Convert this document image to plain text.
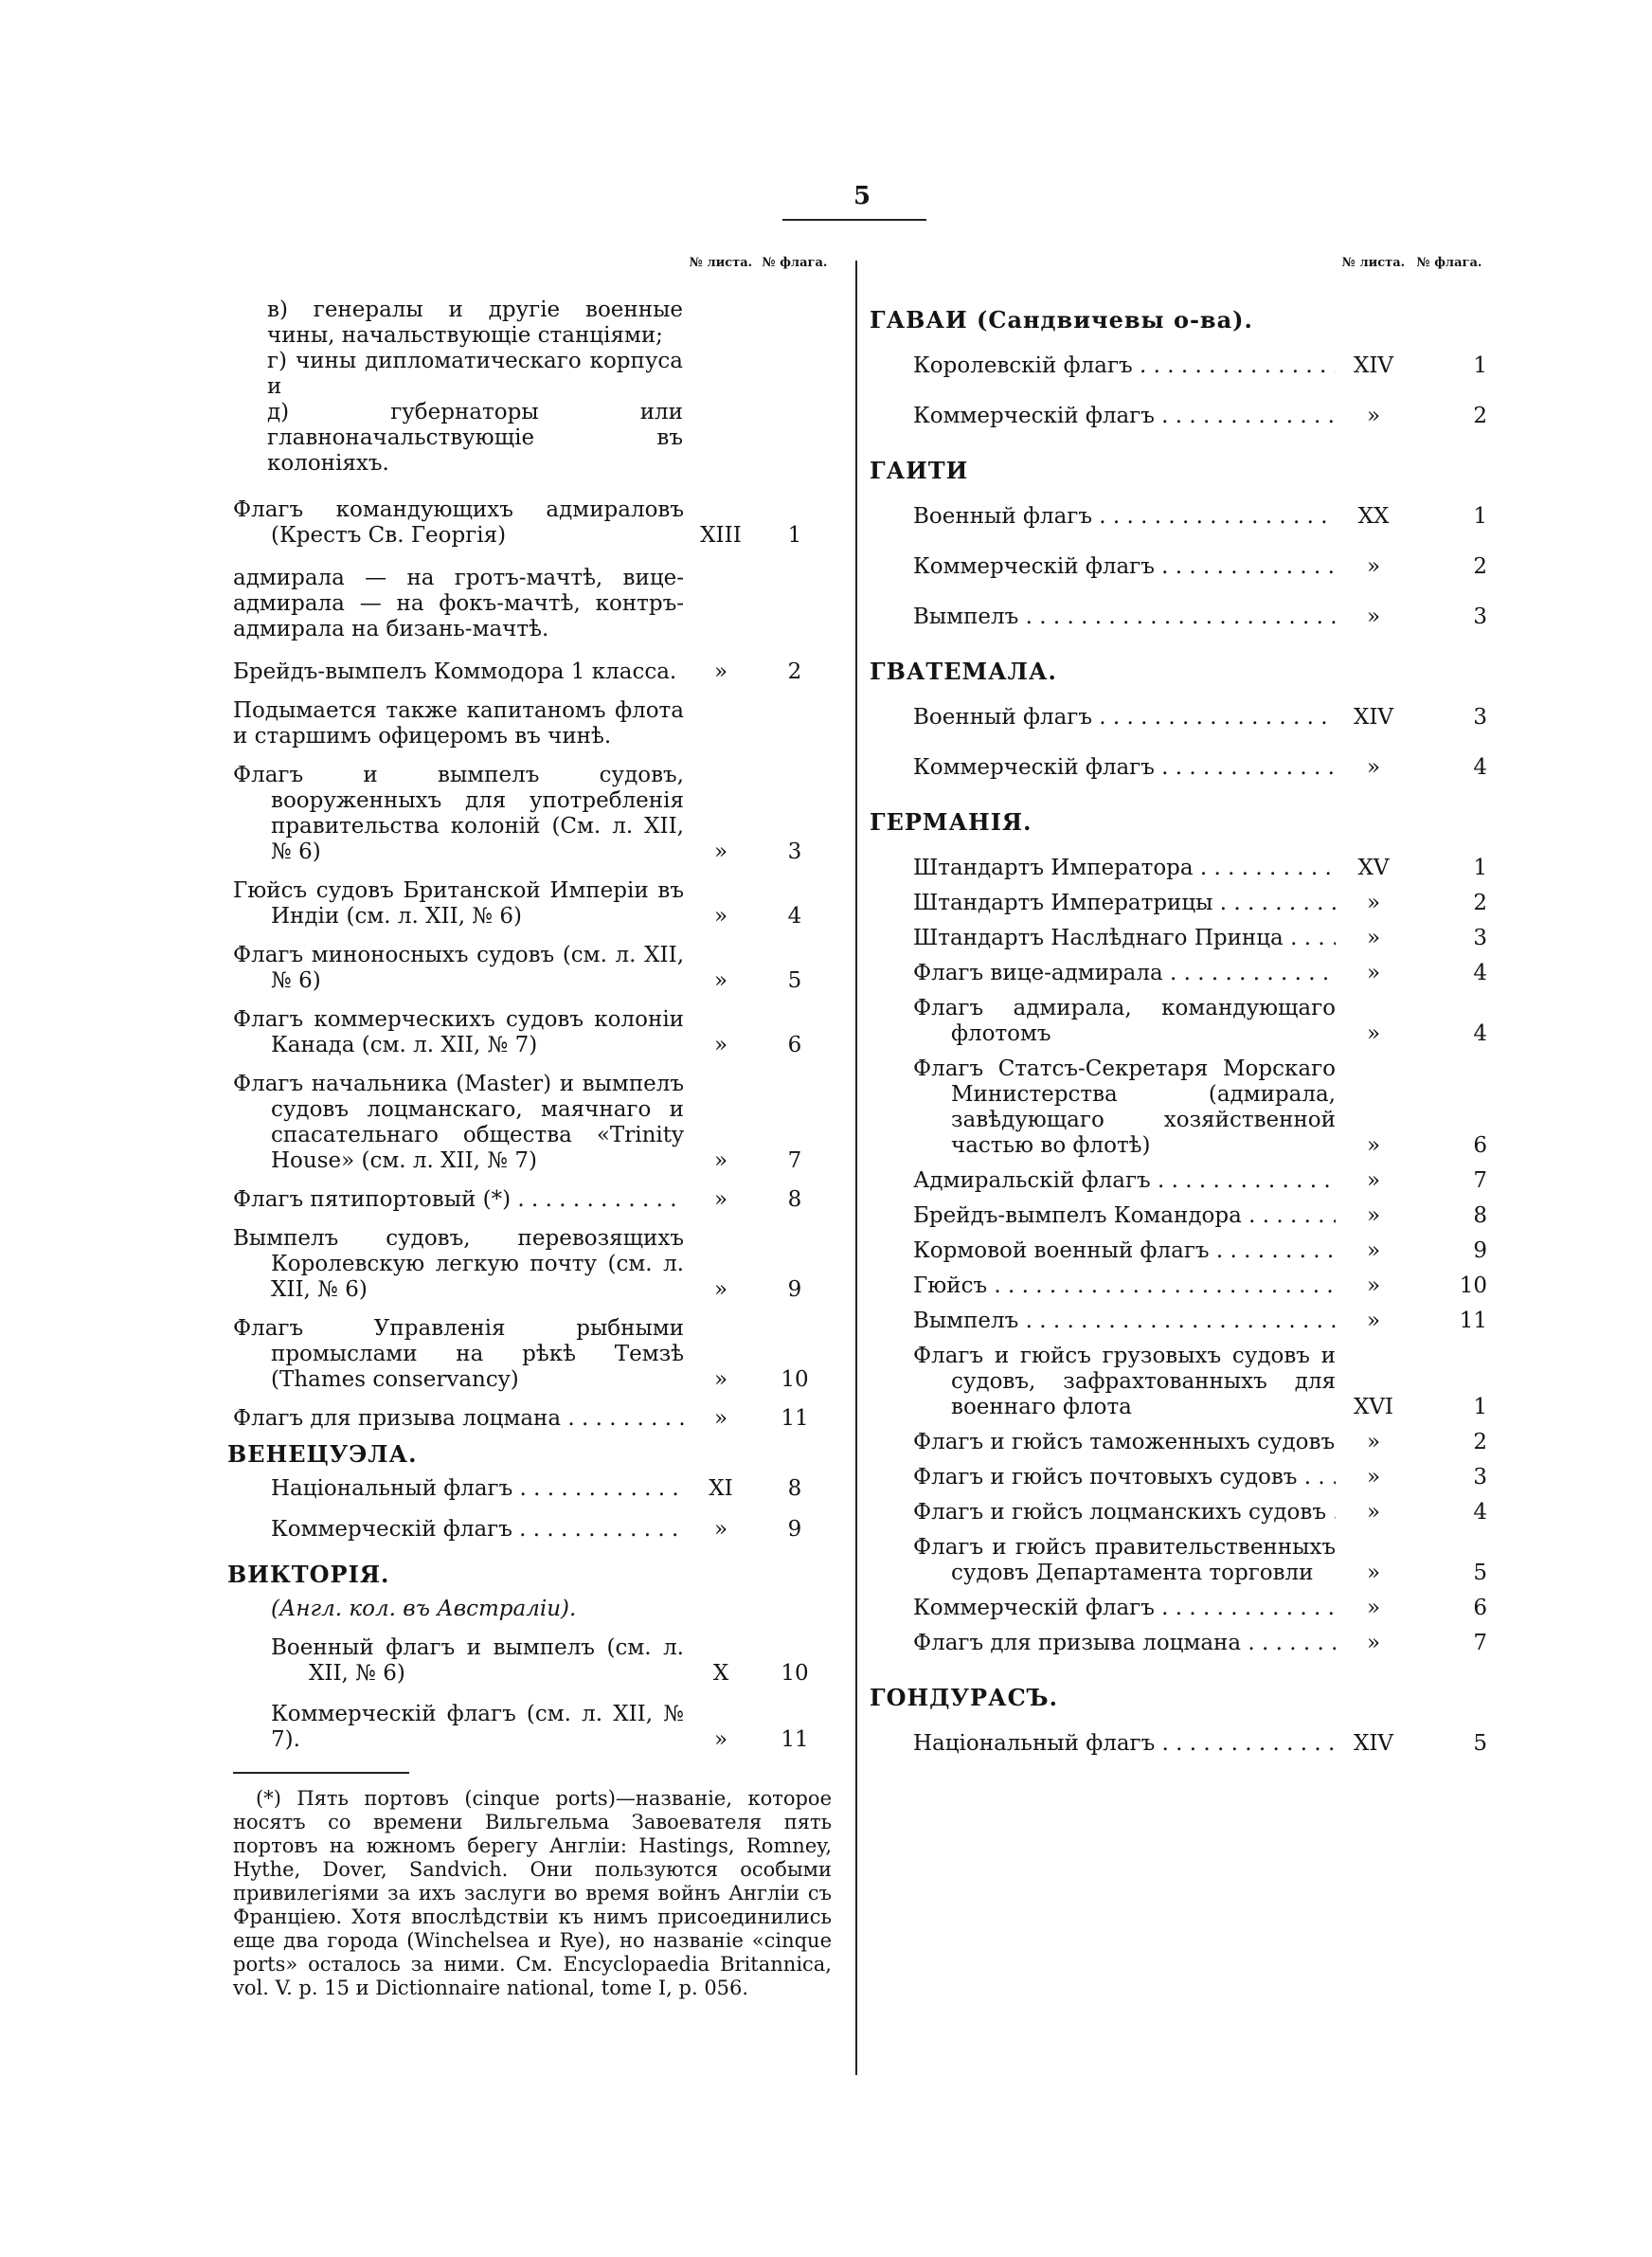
5
№ листа. № флага.
в) генералы и другіе военные чины, начальствующіе станціями;
г) чины дипломатическаго корпуса и
д) губернаторы или главноначальствующіе въ колоніяхъ.
Флагъ командующихъ адмираловъ (Крестъ Св. Георгія)	XIII	1
адмирала — на гротъ-мачтѣ, вице-адмирала — на фокъ-мачтѣ, контръ-адмирала на бизань-мачтѣ.
Брейдъ-вымпелъ Коммодора 1 класса.	»	2
Подымается также капитаномъ флота и старшимъ офицеромъ въ чинѣ.
Флагъ и вымпелъ судовъ, вооруженныхъ для употребленія правительства колоній (См. л. XII, № 6)	»	3
Гюйсъ судовъ Британской Имперіи въ Индіи (см. л. XII, № 6)	»	4
Флагъ миноносныхъ судовъ (см. л. XII, № 6)	»	5
Флагъ коммерческихъ судовъ колоніи Канада (см. л. XII, № 7)	»	6
Флагъ начальника (Master) и вымпелъ судовъ лоцманскаго, маячнаго и спасательнаго общества «Trinity House» (см. л. XII, № 7)	»	7
Флагъ пятипортовый (*) . . .	»	8
Вымпелъ судовъ, перевозящихъ Королевскую легкую почту (см. л. XII, № 6)	»	9
Флагъ Управленія рыбными промыслами на рѣкѣ Темзѣ (Thames conservancy)	»	10
Флагъ для призыва лоцмана . . .	»	11
ВЕНЕЦУЭЛА.
Національный флагъ . . .	XI	8
Коммерческій флагъ . . .	»	9
ВИКТОРІЯ.
(Англ. кол. въ Австраліи).
Военный флагъ и вымпелъ (см. л. XII, № 6)	X	10
Коммерческій флагъ (см. л. XII, № 7).	»	11
(*) Пять портовъ (cinque ports)—названіе, которое носятъ со времени Вильгельма Завоевателя пять портовъ на южномъ берегу Англіи: Hastings, Romney, Hythe, Dover, Sandvich. Они пользуются особыми привилегіями за ихъ заслуги во время войнъ Англіи съ Франціею. Хотя впослѣдствіи къ нимъ присоединились еще два города (Winchelsea и Rye), но названіе «cinque ports» осталось за ними. См. Encyclopaedia Britannica, vol. V. p. 15 и Dictionnaire national, tome I, p. 056.
№ листа. № флага.
ГАВАИ (Сандвичевы о-ва).
Королевскій флагъ . . .	XIV	1
Коммерческій флагъ . . .	»	2
ГАИТИ
Военный флагъ . . .	XX	1
Коммерческій флагъ . . .	»	2
Вымпелъ . . .	»	3
ГВАТЕМАЛА.
Военный флагъ . . .	XIV	3
Коммерческій флагъ . . .	»	4
ГЕРМАНІЯ.
Штандартъ Императора . . .	XV	1
Штандартъ Императрицы . . .	»	2
Штандартъ Наслѣднаго Принца . . .	»	3
Флагъ вице-адмирала . . .	»	4
Флагъ адмирала, командующаго флотомъ	»	4
Флагъ Статсъ-Секретаря Морскаго Министерства (адмирала, завѣдующаго хозяйственной частью во флотѣ)	»	6
Адмиральскій флагъ . . .	»	7
Брейдъ-вымпелъ Командора . . .	»	8
Кормовой военный флагъ . . .	»	9
Гюйсъ . . .	»	10
Вымпелъ . . .	»	11
Флагъ и гюйсъ грузовыхъ судовъ и судовъ, зафрахтованныхъ для военнаго флота	XVI	1
Флагъ и гюйсъ таможенныхъ судовъ . . .	»	2
Флагъ и гюйсъ почтовыхъ судовъ . . .	»	3
Флагъ и гюйсъ лоцманскихъ судовъ . . .	»	4
Флагъ и гюйсъ правительственныхъ судовъ Департамента торговли	»	5
Коммерческій флагъ . . .	»	6
Флагъ для призыва лоцмана . . .	»	7
ГОНДУРАСЪ.
Національный флагъ . . .	XIV	5
